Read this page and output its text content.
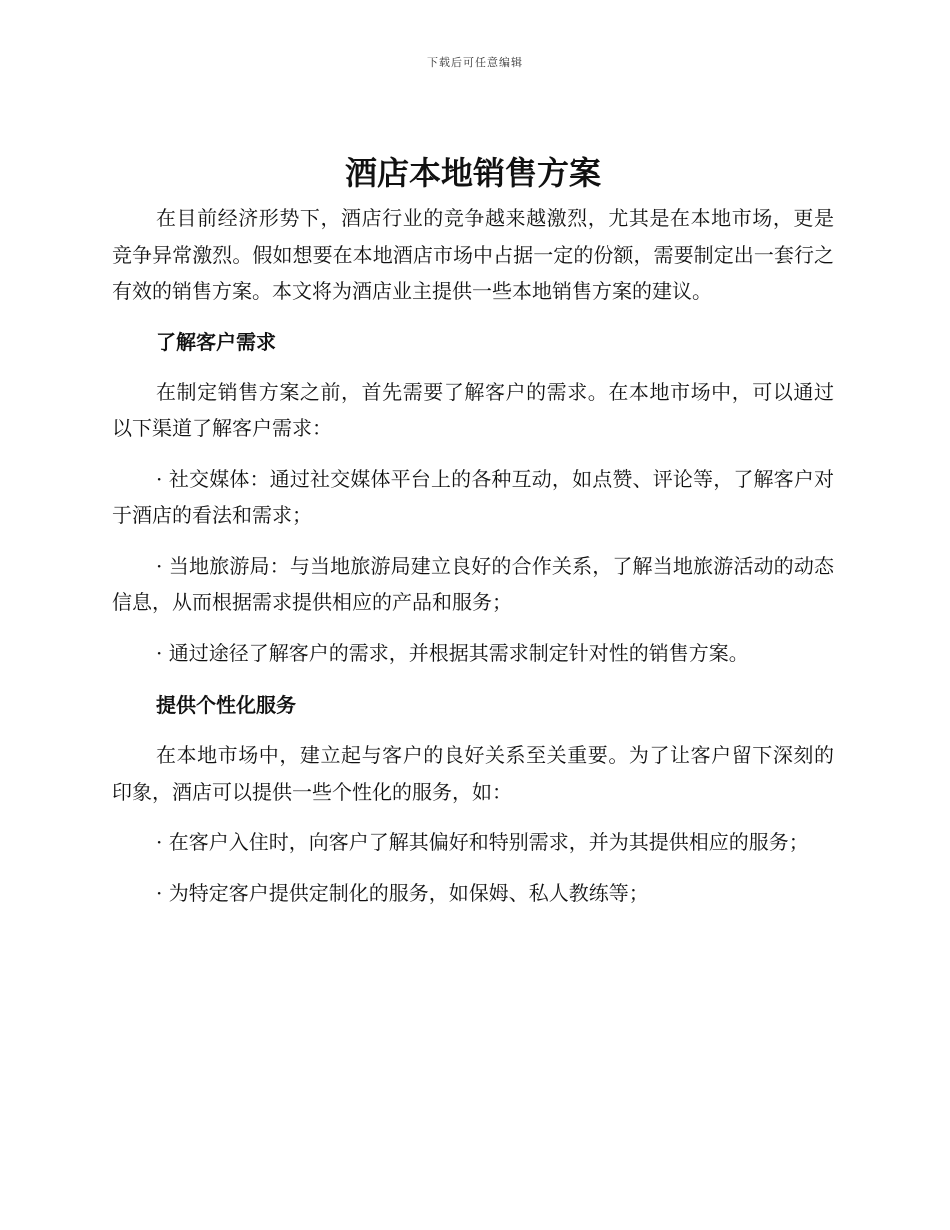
下载后可任意编辑
酒店本地销售方案

在目前经济形势下，酒店行业的竞争越来越激烈，尤其是在本地市场，更是竞争异常激烈。假如想要在本地酒店市场中占据一定的份额，需要制定出一套行之有效的销售方案。本文将为酒店业主提供一些本地销售方案的建议。

了解客户需求

在制定销售方案之前，首先需要了解客户的需求。在本地市场中，可以通过以下渠道了解客户需求：

· 社交媒体：通过社交媒体平台上的各种互动，如点赞、评论等，了解客户对于酒店的看法和需求；

· 当地旅游局：与当地旅游局建立良好的合作关系，了解当地旅游活动的动态信息，从而根据需求提供相应的产品和服务；

· 通过途径了解客户的需求，并根据其需求制定针对性的销售方案。

提供个性化服务

在本地市场中，建立起与客户的良好关系至关重要。为了让客户留下深刻的印象，酒店可以提供一些个性化的服务，如：

· 在客户入住时，向客户了解其偏好和特别需求，并为其提供相应的服务；

· 为特定客户提供定制化的服务，如保姆、私人教练等；
